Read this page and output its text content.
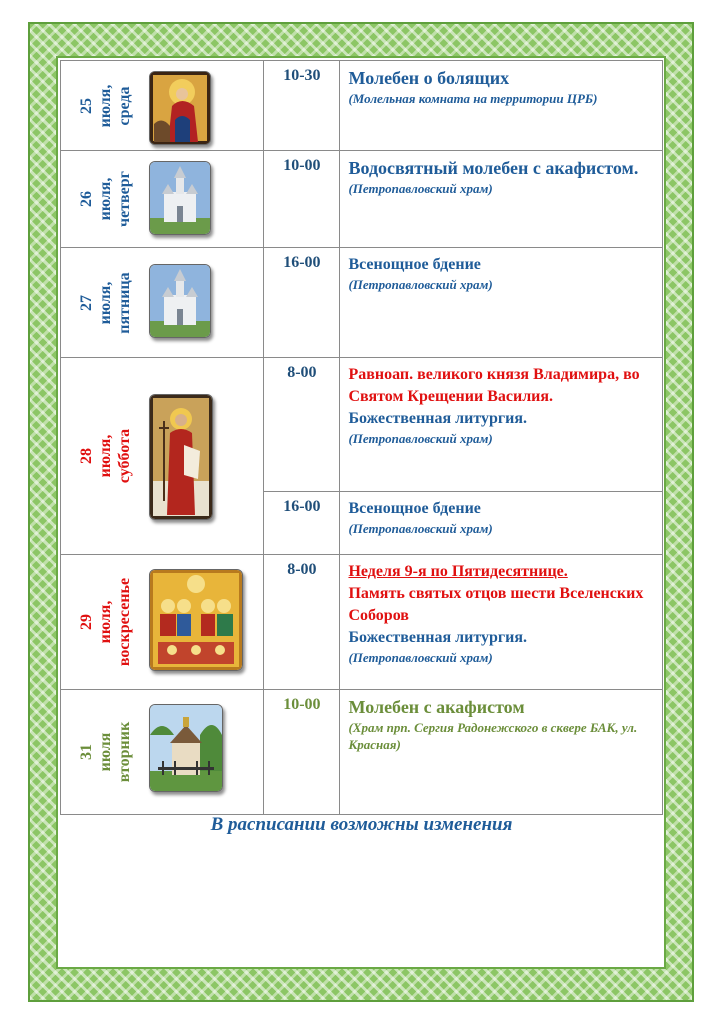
25 июля, среда	10-30	Молебен о болящих
(Молельная комната на территории ЦРБ)

26 июля, четверг	10-00	Водосвятный молебен с акафистом.
(Петропавловский храм)

27 июля, пятница	16-00	Всенощное бдение
(Петропавловский храм)

28 июля, суббота	8-00	Равноап. великого князя Владимира, во Святом Крещении Василия.
Божественная литургия.
(Петропавловский храм)

	16-00	Всенощное бдение
(Петропавловский храм)

29 июля, воскресенье	8-00	Неделя 9-я по Пятидесятнице.
Память святых отцов шести Вселенских Соборов
Божественная литургия.
(Петропавловский храм)

31 июля вторник	10-00	Молебен с акафистом
(Храм прп. Сергия Радонежского в сквере БАК, ул. Красная)
В расписании возможны изменения
